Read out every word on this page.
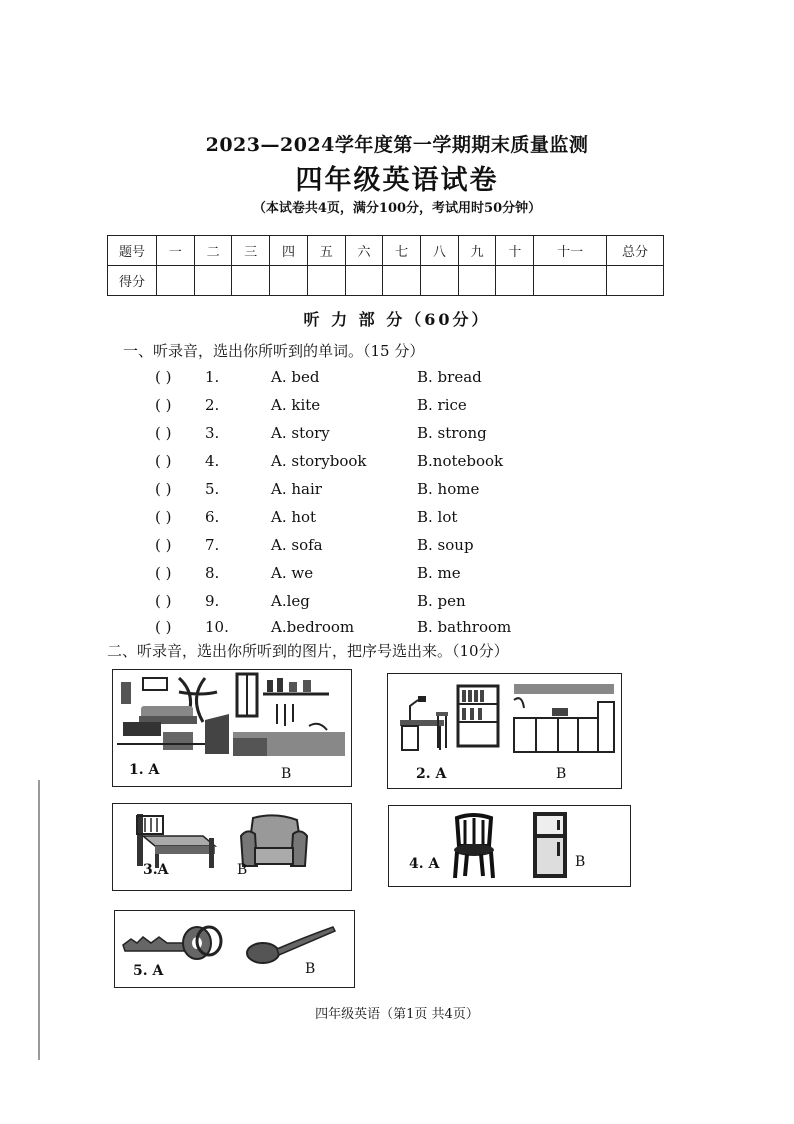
2023—2024学年度第一学期期末质量监测
四年级英语试卷
（本试卷共4页，满分100分，考试用时50分钟）
题号	一	二	三	四	五	六	七	八	九	十	十一	总分
得分												
听 力 部 分（60分）
一、听录音，选出你所听到的单词。（15 分）
( ) 1.	A. bed	B. bread
( ) 2.	A. kite	B. rice
( ) 3.	A. story	B. strong
( ) 4.	A. storybook	B.notebook
( ) 5.	A. hair	B. home
( ) 6.	A. hot	B. lot
( ) 7.	A. sofa	B. soup
( ) 8.	A. we	B. me
( ) 9.	A.leg	B. pen
( ) 10.	A.bedroom	B. bathroom
二、听录音，选出你所听到的图片，把序号选出来。（10分）
1. A	B	2. A	B
3.A	B	4. A	B
5. A	B
四年级英语（第1页 共4页）
